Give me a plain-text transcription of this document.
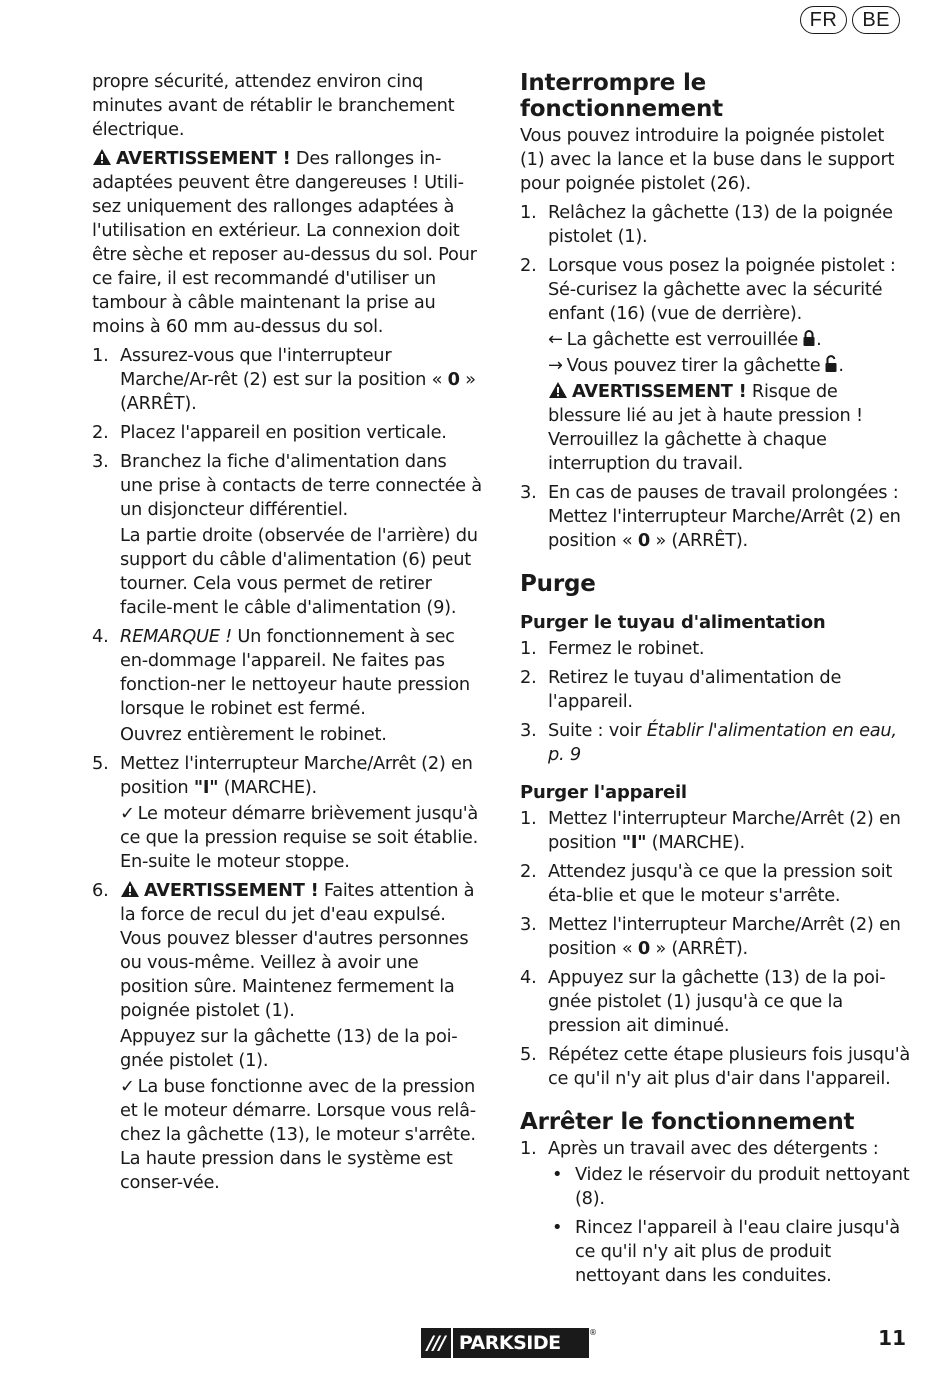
FR	BE

propre sécurité, attendez environ cinq minutes avant de rétablir le branchement électrique.

AVERTISSEMENT ! Des rallonges in-adaptées peuvent être dangereuses ! Utili-sez uniquement des rallonges adaptées à l'utilisation en extérieur. La connexion doit être sèche et reposer au-dessus du sol. Pour ce faire, il est recommandé d'utiliser un tambour à câble maintenant la prise au moins à 60 mm au-dessus du sol.

1. Assurez-vous que l'interrupteur Marche/Ar-rêt (2) est sur la position « 0 » (ARRÊT).
2. Placez l'appareil en position verticale.
3. Branchez la fiche d'alimentation dans une prise à contacts de terre connectée à un disjoncteur différentiel.

La partie droite (observée de l'arrière) du support du câble d'alimentation (6) peut tourner. Cela vous permet de retirer facile-ment le câble d'alimentation (9).

4. REMARQUE ! Un fonctionnement à sec en-dommage l'appareil. Ne faites pas fonction-ner le nettoyeur haute pression lorsque le robinet est fermé.

Ouvrez entièrement le robinet.

5. Mettez l'interrupteur Marche/Arrêt (2) en position "I" (MARCHE).

✓ Le moteur démarre brièvement jusqu'à ce que la pression requise se soit établie. En-suite le moteur stoppe.

6. AVERTISSEMENT ! Faites attention à la force de recul du jet d'eau expulsé. Vous pouvez blesser d'autres personnes ou vous-même. Veillez à avoir une position sûre. Maintenez fermement la poignée pistolet (1).

Appuyez sur la gâchette (13) de la poi-gnée pistolet (1).

✓ La buse fonctionne avec de la pression et le moteur démarre. Lorsque vous relâ-chez la gâchette (13), le moteur s'arrête. La haute pression dans le système est conser-vée.

Interrompre le fonctionnement

Vous pouvez introduire la poignée pistolet (1) avec la lance et la buse dans le support pour poignée pistolet (26).

1. Relâchez la gâchette (13) de la poignée pistolet (1).
2. Lorsque vous posez la poignée pistolet : Sé-curisez la gâchette avec la sécurité enfant (16) (vue de derrière).

← La gâchette est verrouillée .

→ Vous pouvez tirer la gâchette .

AVERTISSEMENT ! Risque de blessure lié au jet à haute pression ! Verrouillez la gâchette à chaque interruption du travail.

3. En cas de pauses de travail prolongées : Mettez l'interrupteur Marche/Arrêt (2) en position « 0 » (ARRÊT).
Purge
Purger le tuyau d'alimentation
1. Fermez le robinet.
2. Retirez le tuyau d'alimentation de l'appareil.
3. Suite : voir Établir l'alimentation en eau, p. 9
Purger l'appareil
1. Mettez l'interrupteur Marche/Arrêt (2) en position "I" (MARCHE).
2. Attendez jusqu'à ce que la pression soit éta-blie et que le moteur s'arrête.
3. Mettez l'interrupteur Marche/Arrêt (2) en position « 0 » (ARRÊT).
4. Appuyez sur la gâchette (13) de la poi-gnée pistolet (1) jusqu'à ce que la pression ait diminué.
5. Répétez cette étape plusieurs fois jusqu'à ce qu'il n'y ait plus d'air dans l'appareil.
Arrêter le fonctionnement
1. Après un travail avec des détergents :
• Videz le réservoir du produit nettoyant (8).
• Rincez l'appareil à l'eau claire jusqu'à ce qu'il n'y ait plus de produit nettoyant dans les conduites.
/// PARKSIDE	®	11
